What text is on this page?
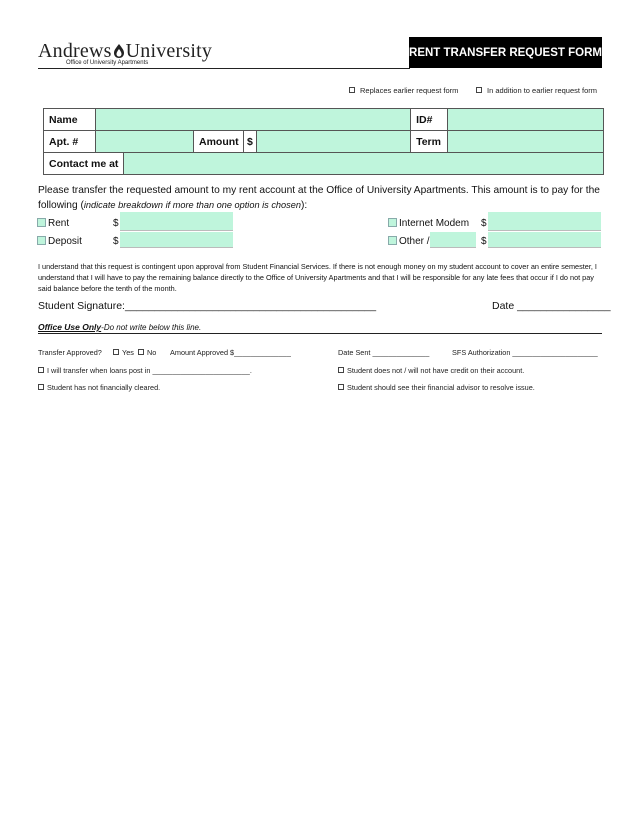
Andrews University
Office of University Apartments
RENT TRANSFER REQUEST FORM
Replaces earlier request form	In addition to earlier request form
Name						ID#	
Apt. #			Amount	$		Term	
Contact me at							
Please transfer the requested amount to my rent account at the Office of University Apartments. This amount is to pay for the following (indicate breakdown if more than one option is chosen):
Rent	$
Deposit	$
Internet Modem $
Other /	$
I understand that this request is contingent upon approval from Student Financial Services. If there is not enough money on my student account to cover an entire semester, I understand that I will have to pay the remaining balance directly to the Office of University Apartments and that I will be responsible for any late fees that occur if I do not pay said balance before the tenth of the month.
Student Signature:___________________________________________	Date ________________
Office Use Only-Do not write below this line.
Transfer Approved?	Yes	No Amount Approved $______________	Date Sent ______________	SFS Authorization _____________________
I will transfer when loans post in ________________________.	Student does not / will not have credit on their account.
Student has not financially cleared.	Student should see their financial advisor to resolve issue.
